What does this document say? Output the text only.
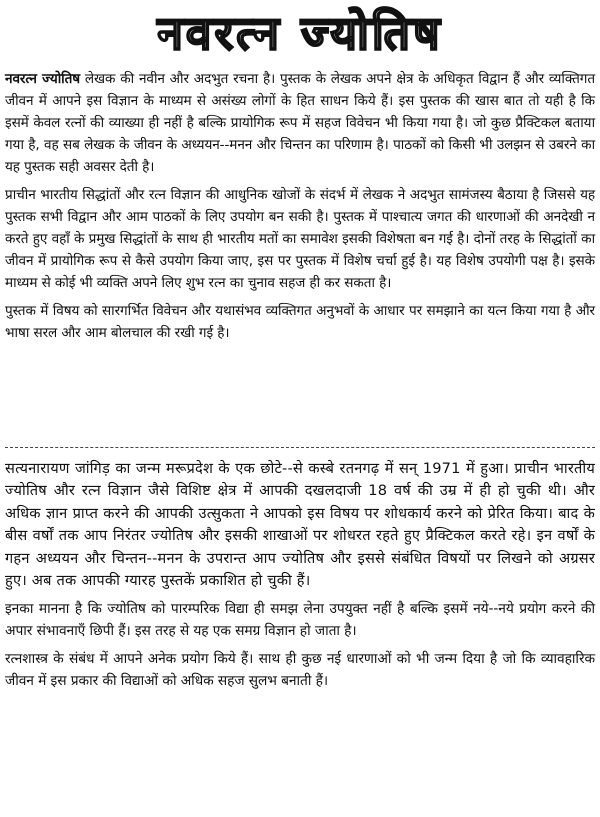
नवरत्न ज्योतिष

नवरत्न ज्योतिष लेखक की नवीन और अदभुत रचना है। पुस्तक के लेखक अपने क्षेत्र के अधिकृत विद्वान हैं और व्यक्तिगत जीवन में आपने इस विज्ञान के माध्यम से असंख्य लोगों के हित साधन किये हैं। इस पुस्तक की खास बात तो यही है कि इसमें केवल रत्नों की व्याख्या ही नहीं है बल्कि प्रायोगिक रूप में सहज विवेचन भी किया गया है। जो कुछ प्रैक्टिकल बताया गया है, वह सब लेखक के जीवन के अध्ययन--मनन और चिन्तन का परिणाम है। पाठकों को किसी भी उलझन से उबरने का यह पुस्तक सही अवसर देती है।

प्राचीन भारतीय सिद्धांतों और रत्न विज्ञान की आधुनिक खोजों के संदर्भ में लेखक ने अदभुत सामंजस्य बैठाया है जिससे यह पुस्तक सभी विद्वान और आम पाठकों के लिए उपयोग बन सकी है। पुस्तक में पाश्चात्य जगत की धारणाओं की अनदेखी न करते हुए वहाँ के प्रमुख सिद्धांतों के साथ ही भारतीय मतों का समावेश इसकी विशेषता बन गई है। दोनों तरह के सिद्धांतों का जीवन में प्रायोगिक रूप से कैसे उपयोग किया जाए, इस पर पुस्तक में विशेष चर्चा हुई है। यह विशेष उपयोगी पक्ष है। इसके माध्यम से कोई भी व्यक्ति अपने लिए शुभ रत्न का चुनाव सहज ही कर सकता है।

पुस्तक में विषय को सारगर्भित विवेचन और यथासंभव व्यक्तिगत अनुभवों के आधार पर समझाने का यत्न किया गया है और भाषा सरल और आम बोलचाल की रखी गई है।

सत्यनारायण जांगिड़ का जन्म मरूप्रदेश के एक छोटे--से कस्बे रतनगढ़ में सन् 1971 में हुआ। प्राचीन भारतीय ज्योतिष और रत्न विज्ञान जैसे विशिष्ट क्षेत्र में आपकी दखलदाजी 18 वर्ष की उम्र में ही हो चुकी थी। और अधिक ज्ञान प्राप्त करने की आपकी उत्सुकता ने आपको इस विषय पर शोधकार्य करने को प्रेरित किया। बाद के बीस वर्षों तक आप निरंतर ज्योतिष और इसकी शाखाओं पर शोधरत रहते हुए प्रैक्टिकल करते रहे। इन वर्षों के गहन अध्ययन और चिन्तन--मनन के उपरान्त आप ज्योतिष और इससे संबंधित विषयों पर लिखने को अग्रसर हुए। अब तक आपकी ग्यारह पुस्तकें प्रकाशित हो चुकी हैं।

इनका मानना है कि ज्योतिष को पारम्परिक विद्या ही समझ लेना उपयुक्त नहीं है बल्कि इसमें नये--नये प्रयोग करने की अपार संभावनाएँ छिपी हैं। इस तरह से यह एक समग्र विज्ञान हो जाता है।

रत्नशास्त्र के संबंध में आपने अनेक प्रयोग किये हैं। साथ ही कुछ नई धारणाओं को भी जन्म दिया है जो कि व्यावहारिक जीवन में इस प्रकार की विद्याओं को अधिक सहज सुलभ बनाती हैं।
